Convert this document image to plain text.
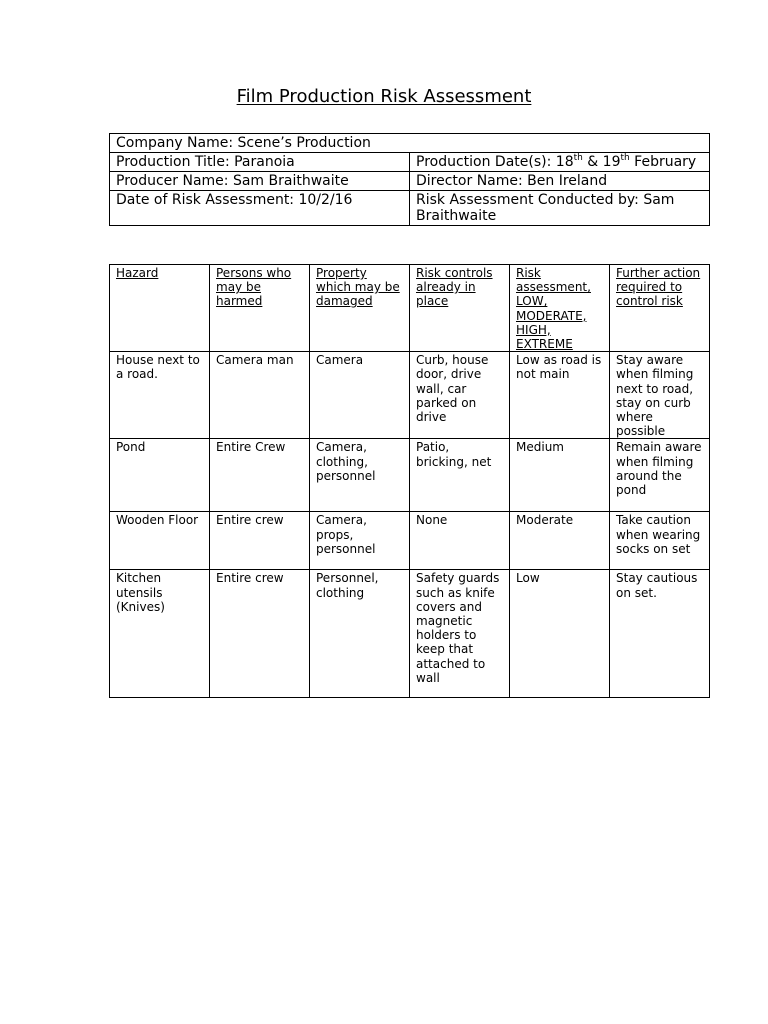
Film Production Risk Assessment
Company Name: Scene’s Production	
Production Title: Paranoia	Production Date(s): 18th & 19th February
Producer Name: Sam Braithwaite	Director Name: Ben Ireland
Date of Risk Assessment: 10/2/16	Risk Assessment Conducted by: Sam Braithwaite
Hazard	Persons who may be harmed	Property which may be damaged	Risk controls already in place	Risk assessment, LOW, MODERATE, HIGH, EXTREME	Further action required to control risk
House next to a road.	Camera man	Camera	Curb, house door, drive wall, car parked on drive	Low as road is not main	Stay aware when filming next to road, stay on curb where possible
Pond	Entire Crew	Camera, clothing, personnel	Patio, bricking, net	Medium	Remain aware when filming around the pond
Wooden Floor	Entire crew	Camera, props, personnel	None	Moderate	Take caution when wearing socks on set
Kitchen utensils (Knives)	Entire crew	Personnel, clothing	Safety guards such as knife covers and magnetic holders to keep that attached to wall	Low	Stay cautious on set.
